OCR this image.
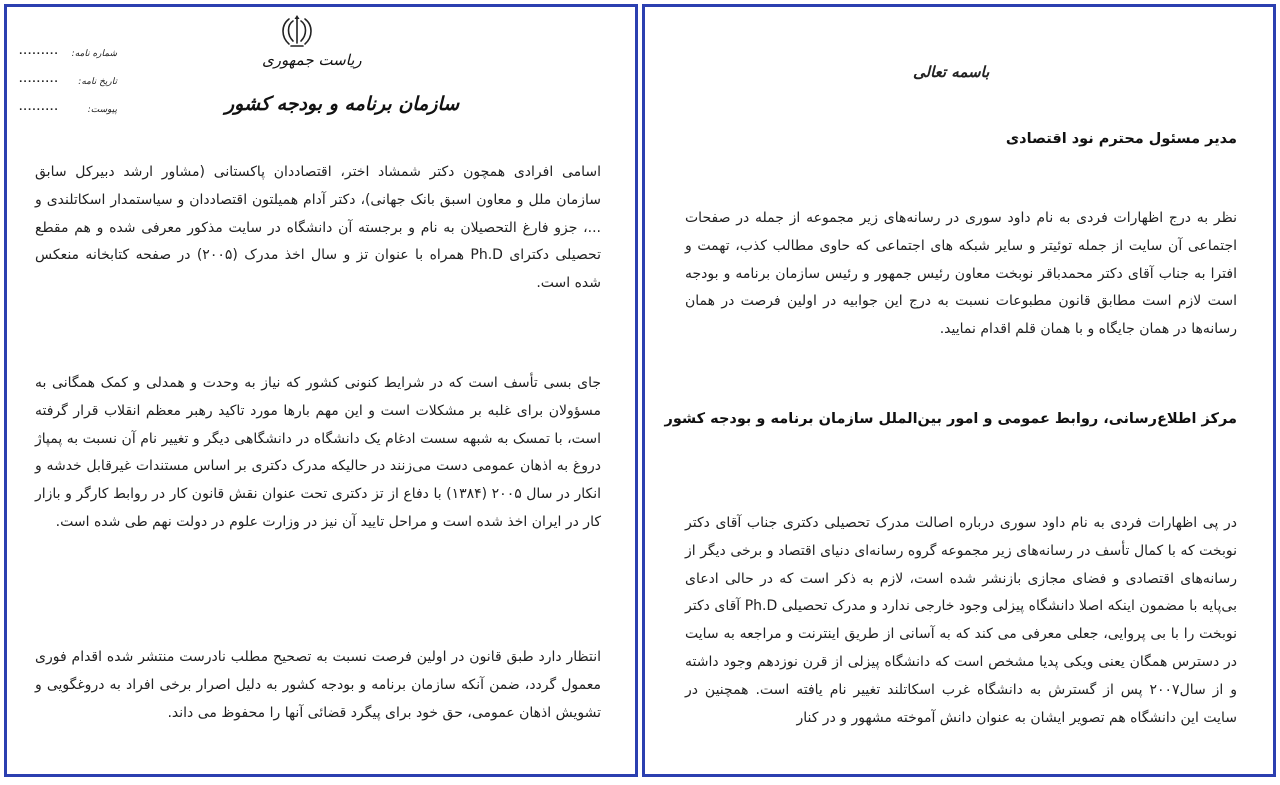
ریاست جمهوری
سازمان برنامه و بودجه کشور
شماره نامه:
.........
تاریخ نامه:
.........
پیوست:
.........

اسامی افرادی همچون دکتر شمشاد اختر، اقتصاددان پاکستانی (مشاور ارشد دبیرکل سابق سازمان ملل و معاون اسبق بانک جهانی)، دکتر آدام همیلتون اقتصاددان و سیاستمدار اسکاتلندی و ...، جزو فارغ التحصیلان به نام و برجسته آن دانشگاه در سایت مذکور معرفی شده و هم مقطع تحصیلی دکترای Ph.D همراه با عنوان تز و سال اخذ مدرک (۲۰۰۵) در صفحه کتابخانه منعکس شده است.

جای بسی تأسف است که در شرایط کنونی کشور که نیاز به وحدت و همدلی و کمک همگانی به مسؤولان برای غلبه بر مشکلات است و این مهم بارها مورد تاکید رهبر معظم انقلاب قرار گرفته است، با تمسک به شبهه سست ادغام یک دانشگاه در دانشگاهی دیگر و تغییر نام آن نسبت به پمپاژ دروغ به اذهان عمومی دست می‌زنند در حالیکه مدرک دکتری بر اساس مستندات غیرقابل خدشه و انکار در سال ۲۰۰۵ (۱۳۸۴) با دفاع از تز دکتری تحت عنوان نقش قانون کار در روابط کارگر و بازار کار در ایران اخذ شده است و مراحل تایید آن نیز در وزارت علوم در دولت نهم طی شده است.

انتظار دارد طبق قانون در اولین فرصت نسبت به تصحیح مطلب نادرست منتشر شده اقدام فوری معمول گردد، ضمن آنکه سازمان برنامه و بودجه کشور به دلیل اصرار برخی افراد به دروغگویی و تشویش اذهان عمومی، حق خود برای پیگرد قضائی آنها را محفوظ می داند.

باسمه تعالی
مدیر مسئول محترم نود اقتصادی

نظر به درج اظهارات فردی به نام داود سوری در رسانه‌های زیر مجموعه از جمله در صفحات اجتماعی آن سایت از جمله توئیتر و سایر شبکه های اجتماعی که حاوی مطالب کذب، تهمت و افترا به جناب آقای دکتر محمدباقر نوبخت معاون رئیس جمهور و رئیس سازمان برنامه و بودجه است لازم است مطابق قانون مطبوعات نسبت به درج این جوابیه در اولین فرصت در همان رسانه‌ها در همان جایگاه و با همان قلم اقدام نمایید.

مرکز اطلاع‌رسانی، روابط عمومی و امور بین‌الملل سازمان برنامه و بودجه کشور

در پی اظهارات فردی به نام داود سوری درباره اصالت مدرک تحصیلی دکتری جناب آقای دکتر نوبخت که با کمال تأسف در رسانه‌های زیر مجموعه گروه رسانه‌ای دنیای اقتصاد و برخی دیگر از رسانه‌های اقتصادی و فضای مجازی بازنشر شده است، لازم به ذکر است که در حالی ادعای بی‌پایه با مضمون اینکه اصلا دانشگاه پیزلی وجود خارجی ندارد و مدرک تحصیلی Ph.D آقای دکتر نوبخت را با بی پروایی، جعلی معرفی می کند که به آسانی از طریق اینترنت و مراجعه به سایت در دسترس همگان یعنی ویکی پدیا مشخص است که دانشگاه پیزلی از قرن نوزدهم وجود داشته و از سال۲۰۰۷ پس از گسترش به دانشگاه غرب اسکاتلند تغییر نام یافته است. همچنین در سایت این دانشگاه هم تصویر ایشان به عنوان دانش آموخته مشهور و در کنار
